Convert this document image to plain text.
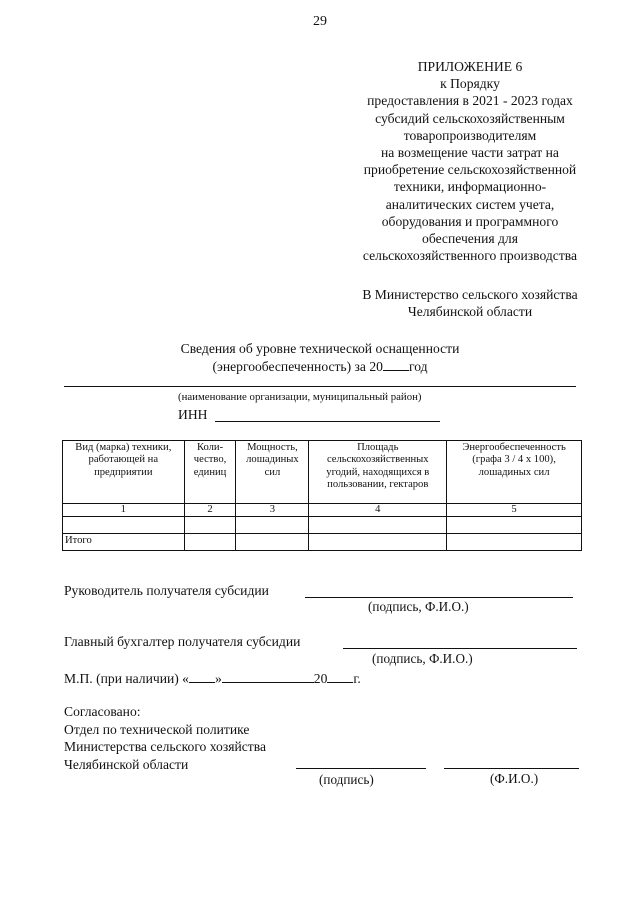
29
ПРИЛОЖЕНИЕ 6
к Порядку
предоставления в 2021 - 2023 годах
субсидий сельскохозяйственным
товаропроизводителям
на возмещение части затрат на
приобретение сельскохозяйственной
техники, информационно-
аналитических систем учета,
оборудования и программного
обеспечения для
сельскохозяйственного производства
В Министерство сельского хозяйства
Челябинской области
Сведения об уровне технической оснащенности
(энергообеспеченность) за 20 год
(наименование организации, муниципальный район)
ИНН
Вид (марка) техники, работающей на предприятии	Коли-чество, единиц	Мощность, лошадиных сил	Площадь сельскохозяйственных угодий, находящихся в пользовании, гектаров	Энергообеспеченность (графа 3 / 4 х 100), лошадиных сил
1	2	3	4	5

Итого				
Руководитель получателя субсидии
(подпись, Ф.И.О.)
Главный бухгалтер получателя субсидии
(подпись, Ф.И.О.)
М.П. (при наличии) « »	20 г.
Согласовано:
Отдел по технической политике
Министерства сельского хозяйства
Челябинской области
(подпись)	(Ф.И.О.)
